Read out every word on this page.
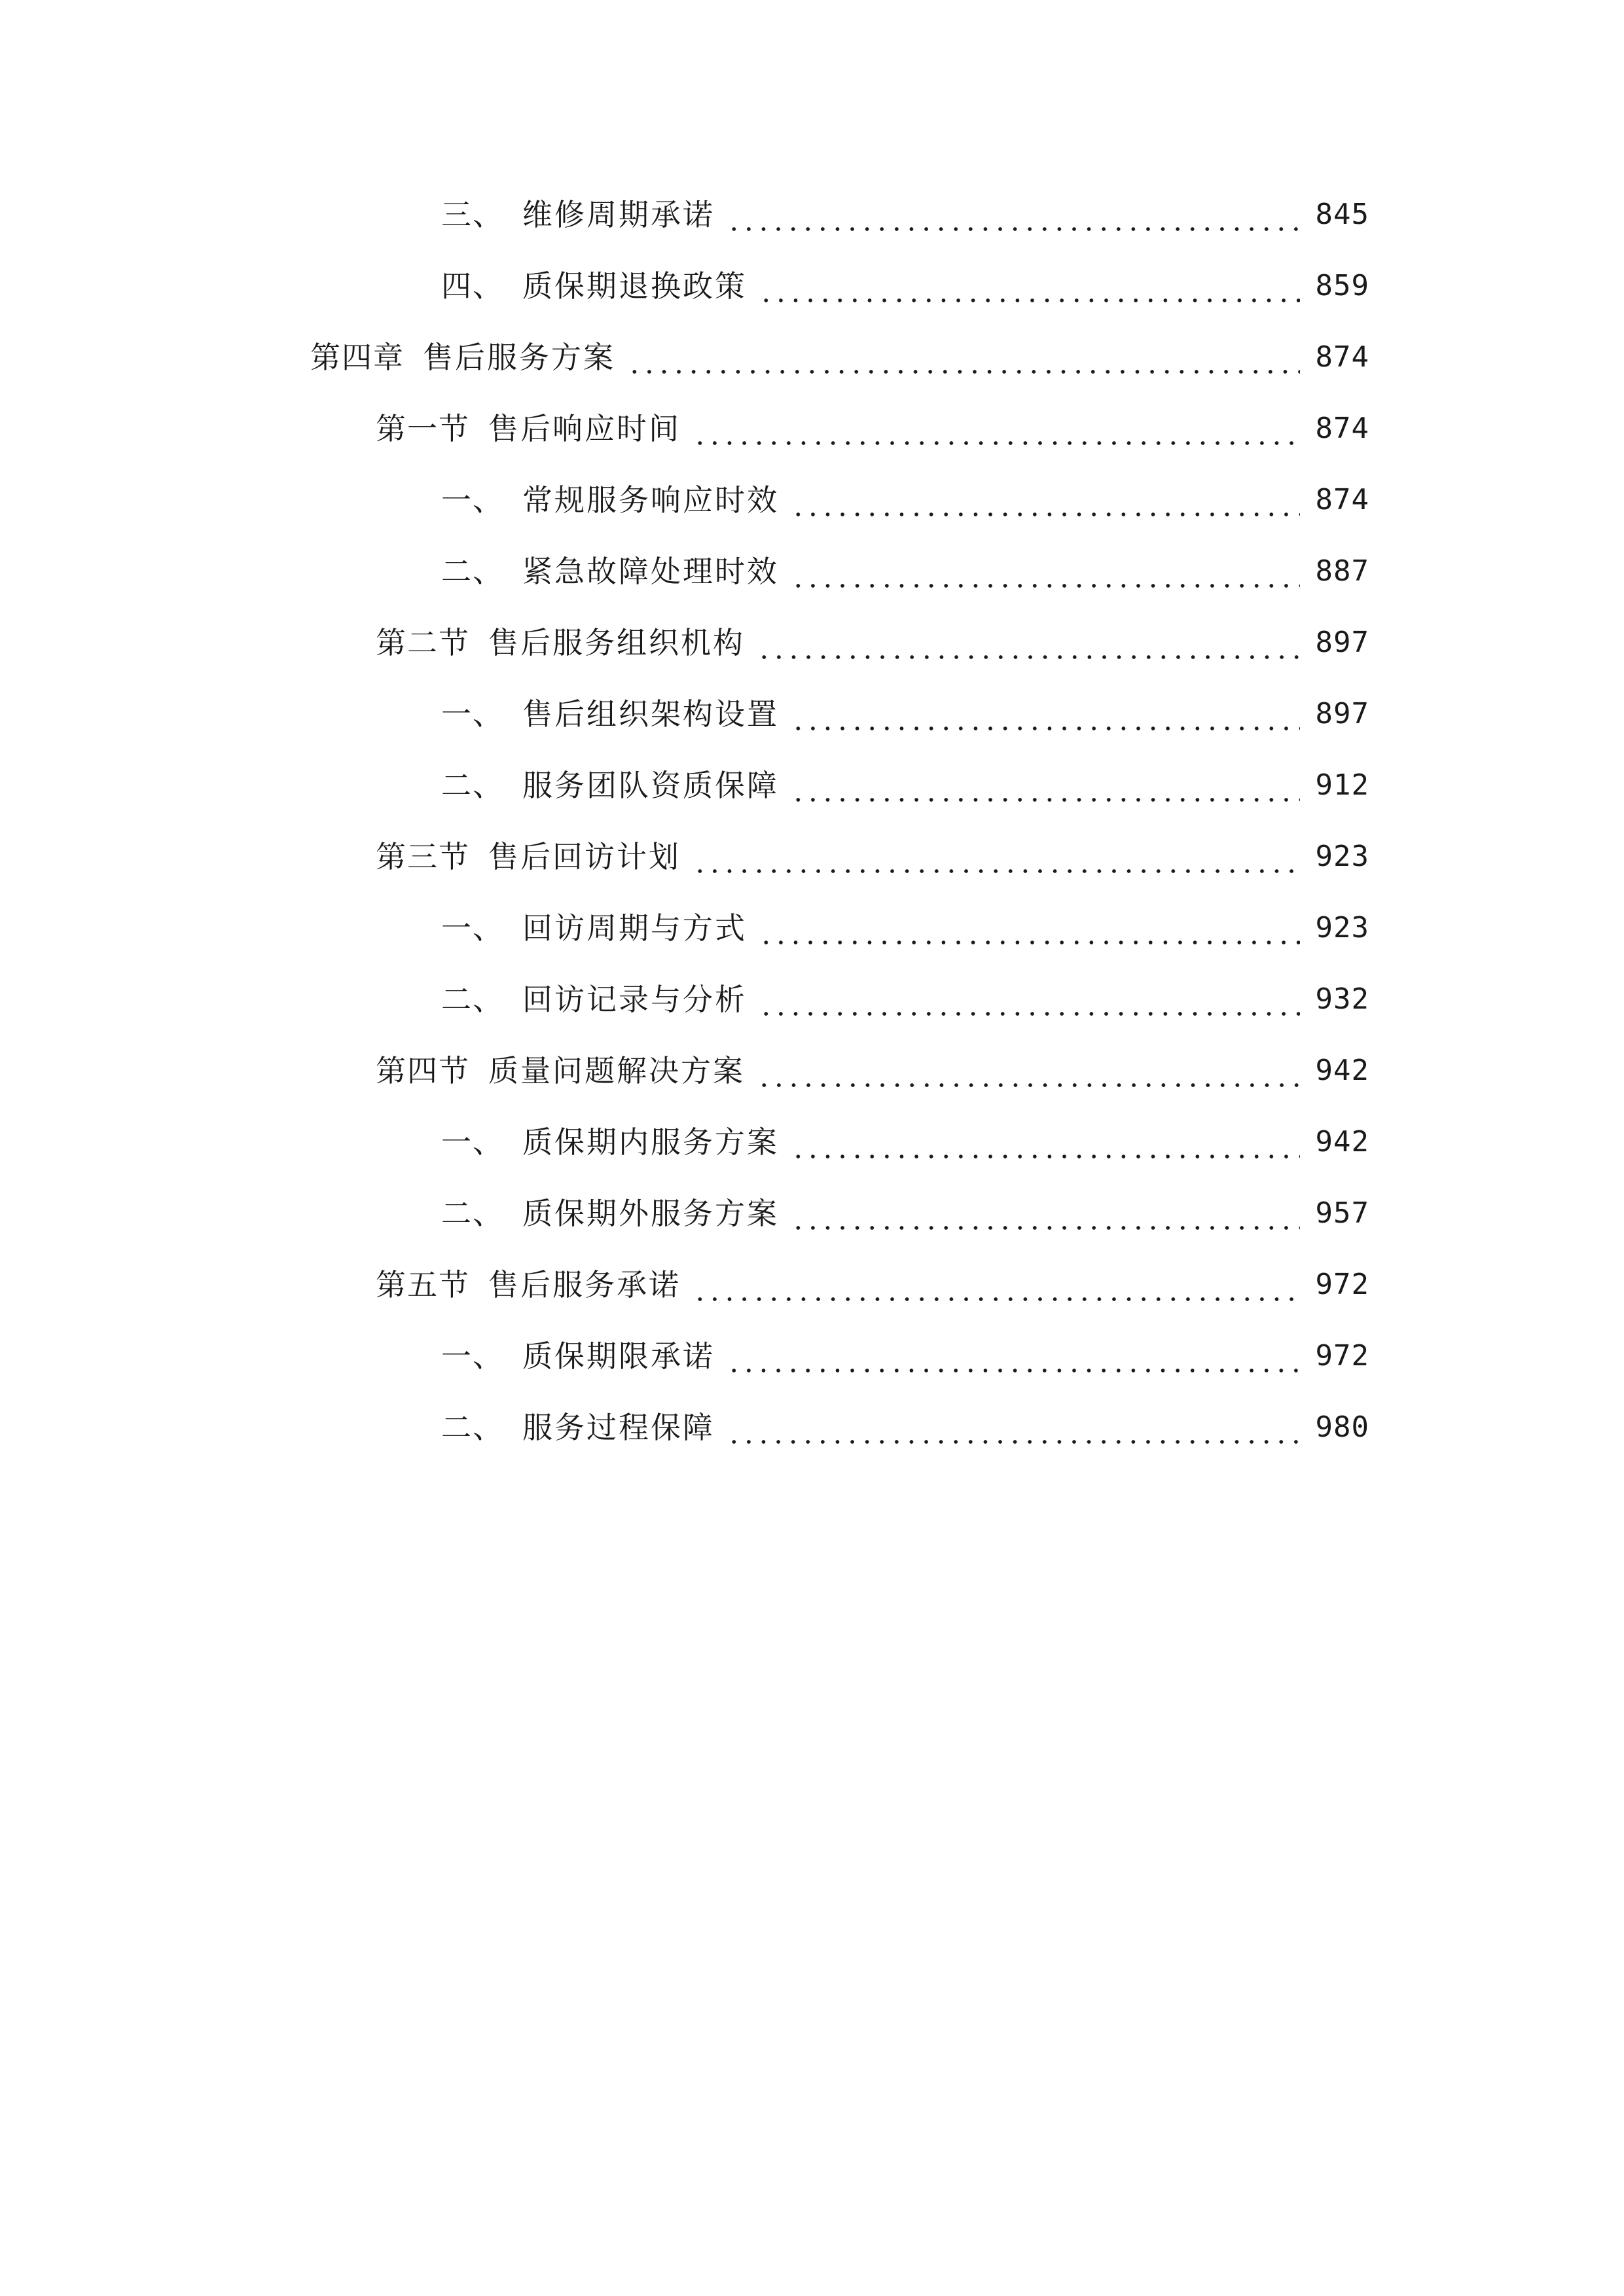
三、 维修周期承诺	845
四、 质保期退换政策	859
第四章 售后服务方案	874
第一节 售后响应时间	874
一、 常规服务响应时效	874
二、 紧急故障处理时效	887
第二节 售后服务组织机构	897
一、 售后组织架构设置	897
二、 服务团队资质保障	912
第三节 售后回访计划	923
一、 回访周期与方式	923
二、 回访记录与分析	932
第四节 质量问题解决方案	942
一、 质保期内服务方案	942
二、 质保期外服务方案	957
第五节 售后服务承诺	972
一、 质保期限承诺	972
二、 服务过程保障	980
